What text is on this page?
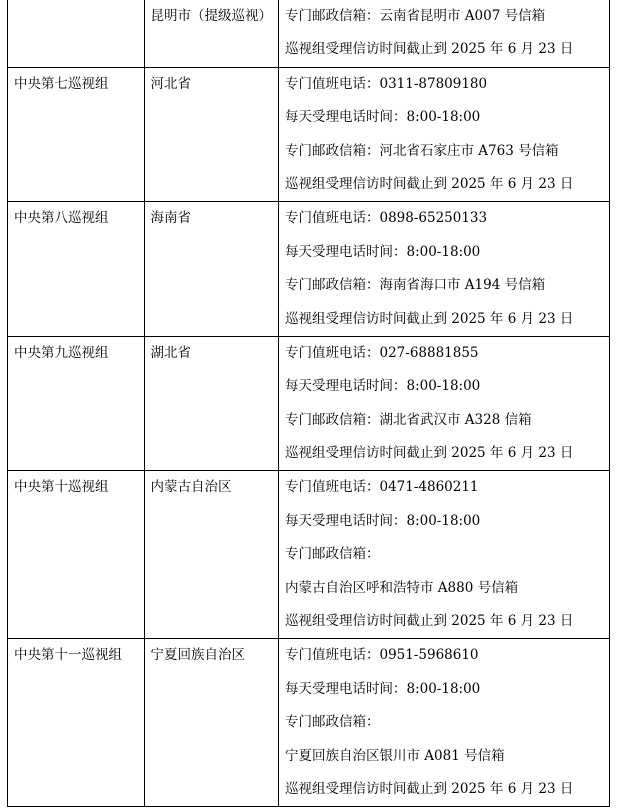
	昆明市（提级巡视）	专门邮政信箱：云南省昆明市 A007 号信箱
巡视组受理信访时间截止到 2025 年 6 月 23 日

中央第七巡视组	河北省	专门值班电话：0311-87809180
每天受理电话时间：8:00-18:00
专门邮政信箱：河北省石家庄市 A763 号信箱
巡视组受理信访时间截止到 2025 年 6 月 23 日

中央第八巡视组	海南省	专门值班电话：0898-65250133
每天受理电话时间：8:00-18:00
专门邮政信箱：海南省海口市 A194 号信箱
巡视组受理信访时间截止到 2025 年 6 月 23 日

中央第九巡视组	湖北省	专门值班电话：027-68881855
每天受理电话时间：8:00-18:00
专门邮政信箱：湖北省武汉市 A328 信箱
巡视组受理信访时间截止到 2025 年 6 月 23 日

中央第十巡视组	内蒙古自治区	专门值班电话：0471-4860211
每天受理电话时间：8:00-18:00
专门邮政信箱：
内蒙古自治区呼和浩特市 A880 号信箱
巡视组受理信访时间截止到 2025 年 6 月 23 日

中央第十一巡视组	宁夏回族自治区	专门值班电话：0951-5968610
每天受理电话时间：8:00-18:00
专门邮政信箱：
宁夏回族自治区银川市 A081 号信箱
巡视组受理信访时间截止到 2025 年 6 月 23 日
